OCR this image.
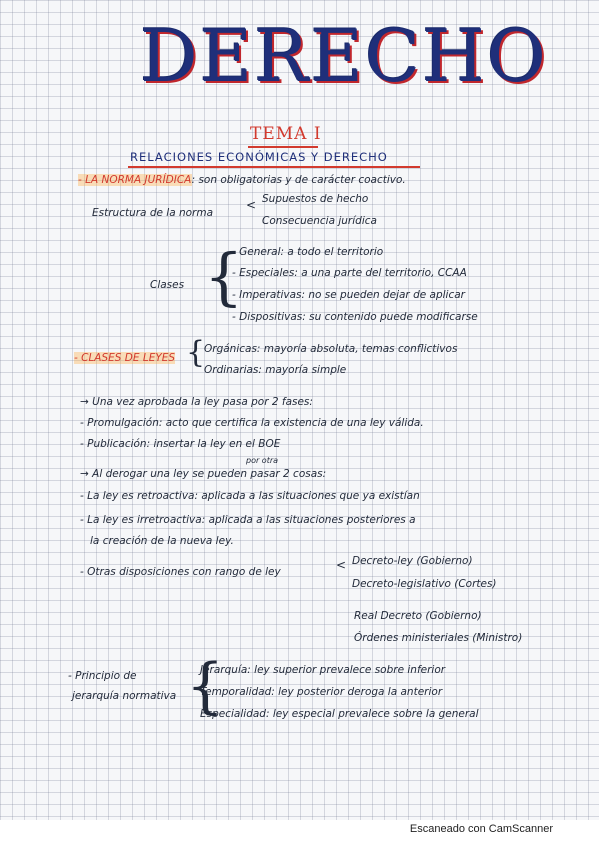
DERECHO
TEMA I
RELACIONES ECONÓMICAS Y DERECHO
- LA NORMA JURÍDICA: son obligatorias y de carácter coactivo.
Estructura de la norma
< Supuestos de hecho
Consecuencia jurídica
Clases {
- General: a todo el territorio
- Especiales: a una parte del territorio, CCAA
- Imperativas: no se pueden dejar de aplicar
- Dispositivas: su contenido puede modificarse
- CLASES DE LEYES {
Orgánicas: mayoría absoluta, temas conflictivos
Ordinarias: mayoría simple
→ Una vez aprobada la ley pasa por 2 fases:
- Promulgación: acto que certifica la existencia de una ley válida.
- Publicación: insertar la ley en el BOE
por otra
→ Al derogar una ley se pueden pasar 2 cosas:
- La ley es retroactiva: aplicada a las situaciones que ya existían
- La ley es irretroactiva: aplicada a las situaciones posteriores a
la creación de la nueva ley.
- Otras disposiciones con rango de ley	< Decreto-ley (Gobierno)
Decreto-legislativo (Cortes)
Real Decreto (Gobierno)
Órdenes ministeriales (Ministro)
- Principio de
jerarquía normativa {
Jerarquía: ley superior prevalece sobre inferior
Temporalidad: ley posterior deroga la anterior
Especialidad: ley especial prevalece sobre la general
Escaneado con CamScanner
